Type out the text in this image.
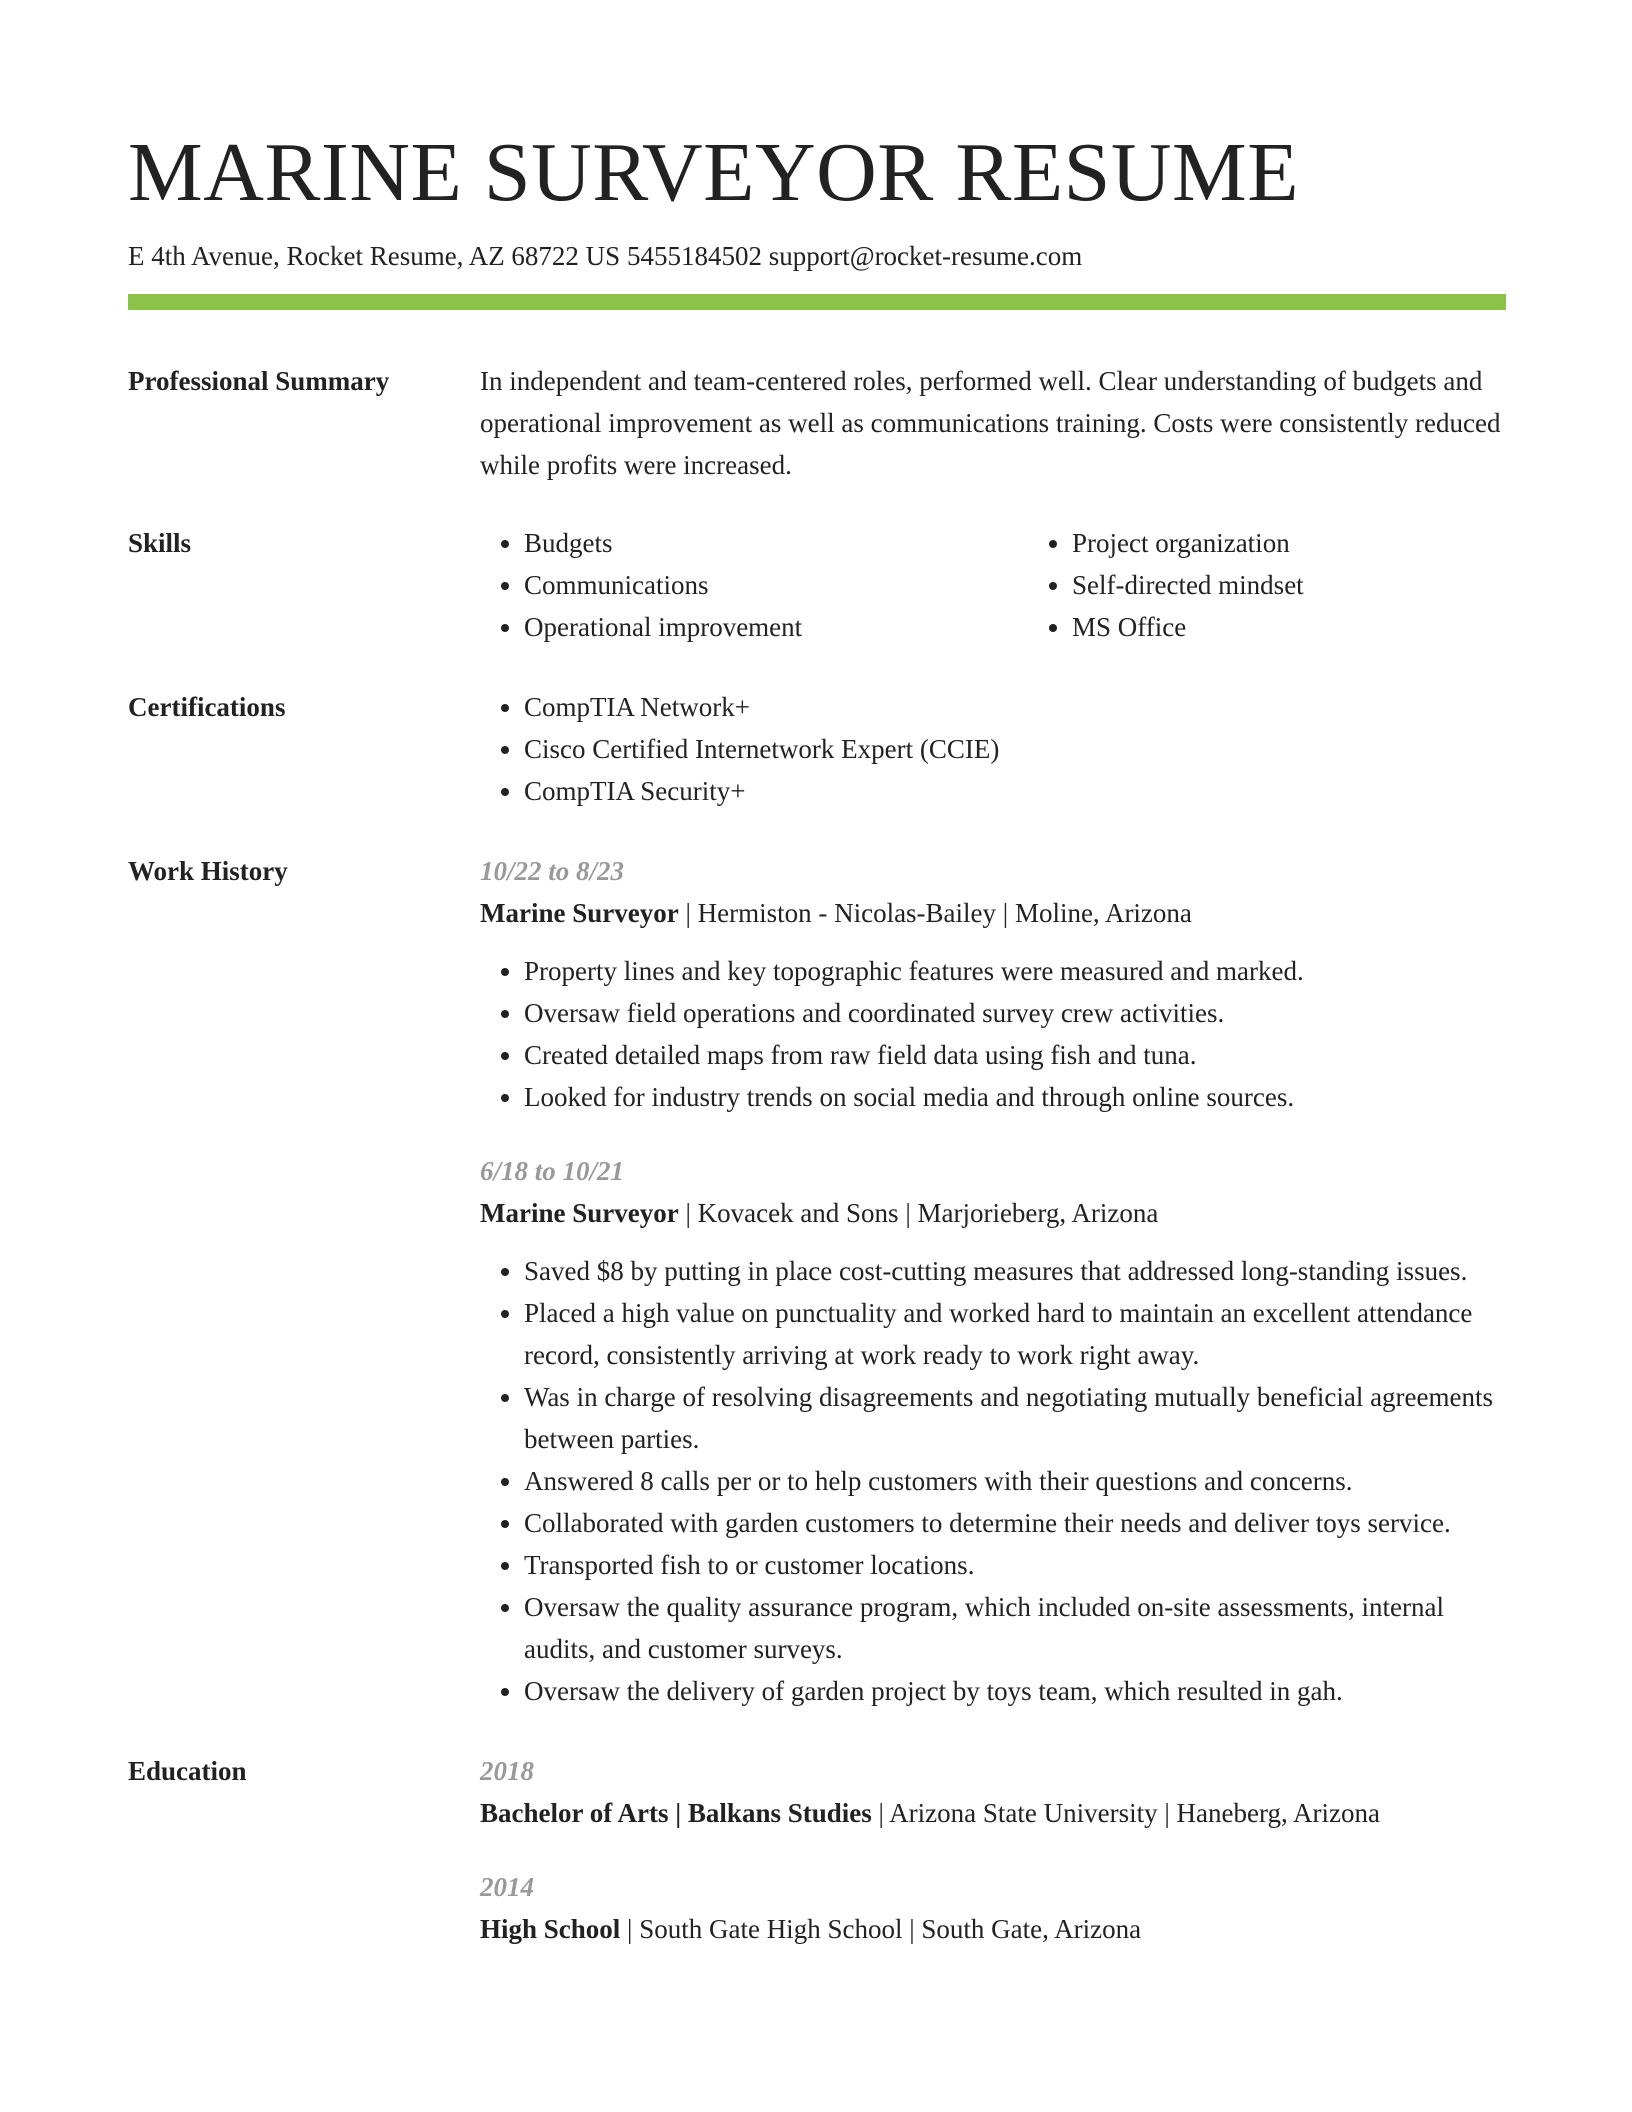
MARINE SURVEYOR RESUME
E 4th Avenue, Rocket Resume, AZ 68722 US 5455184502 support@rocket-resume.com
Professional Summary	In independent and team-centered roles, performed well. Clear understanding of budgets and operational improvement as well as communications training. Costs were consistently reduced while profits were increased.
Skills	• Budgets
• Communications
• Operational improvement
• Project organization
• Self-directed mindset
• MS Office
Certifications	• CompTIA Network+
• Cisco Certified Internetwork Expert (CCIE)
• CompTIA Security+
Work History	10/22 to 8/23
Marine Surveyor | Hermiston - Nicolas-Bailey | Moline, Arizona
• Property lines and key topographic features were measured and marked.
• Oversaw field operations and coordinated survey crew activities.
• Created detailed maps from raw field data using fish and tuna.
• Looked for industry trends on social media and through online sources.
6/18 to 10/21
Marine Surveyor | Kovacek and Sons | Marjorieberg, Arizona
• Saved $8 by putting in place cost-cutting measures that addressed long-standing issues.
• Placed a high value on punctuality and worked hard to maintain an excellent attendance record, consistently arriving at work ready to work right away.
• Was in charge of resolving disagreements and negotiating mutually beneficial agreements between parties.
• Answered 8 calls per or to help customers with their questions and concerns.
• Collaborated with garden customers to determine their needs and deliver toys service.
• Transported fish to or customer locations.
• Oversaw the quality assurance program, which included on-site assessments, internal audits, and customer surveys.
• Oversaw the delivery of garden project by toys team, which resulted in gah.
Education	2018
Bachelor of Arts | Balkans Studies | Arizona State University | Haneberg, Arizona
2014
High School | South Gate High School | South Gate, Arizona
